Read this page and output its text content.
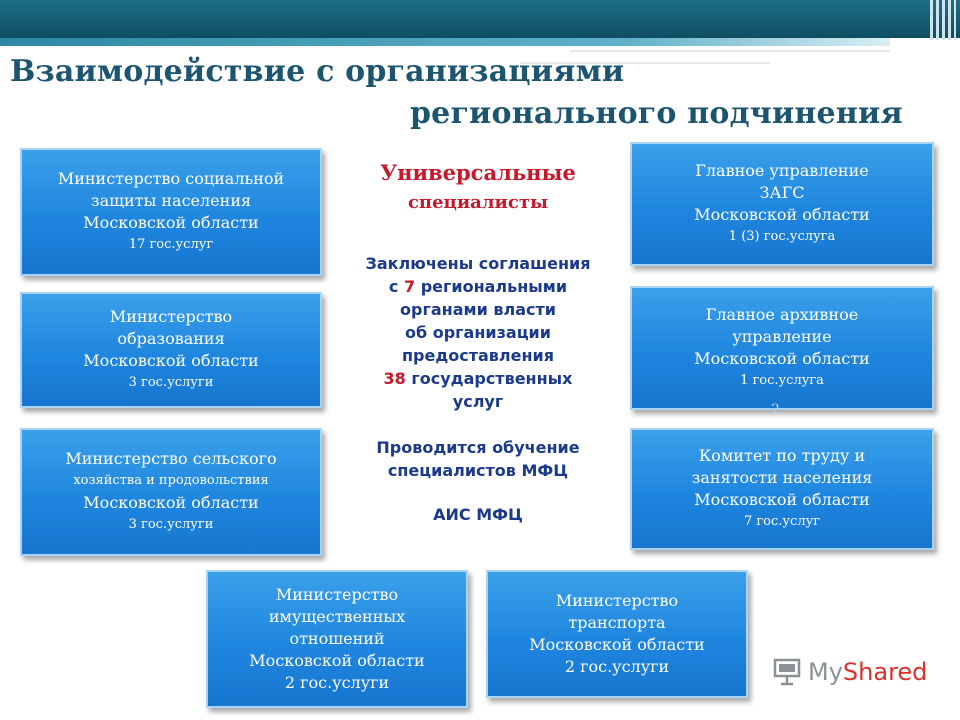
Взаимодействие с организациями
регионального подчинения
Министерство социальной
защиты населения
Московской области
17 гос.услуг
Министерство
образования
Московской области
3 гос.услуги
Министерство сельского
хозяйства и продовольствия
Московской области
3 гос.услуги
Главное управление
ЗАГС
Московской области
1 (3) гос.услуга
Главное архивное
управление
Московской области
1 гос.услуга
2
Комитет по труду и
занятости населения
Московской области
7 гос.услуг
Министерство
имущественных
отношений
Московской области
2 гос.услуги
Министерство
транспорта
Московской области
2 гос.услуги
Универсальные
специалисты
Заключены соглашения
с 7 региональными
органами власти
об организации
предоставления
38 государственных
услуг
Проводится обучение
специалистов МФЦ
АИС МФЦ
MyShared
